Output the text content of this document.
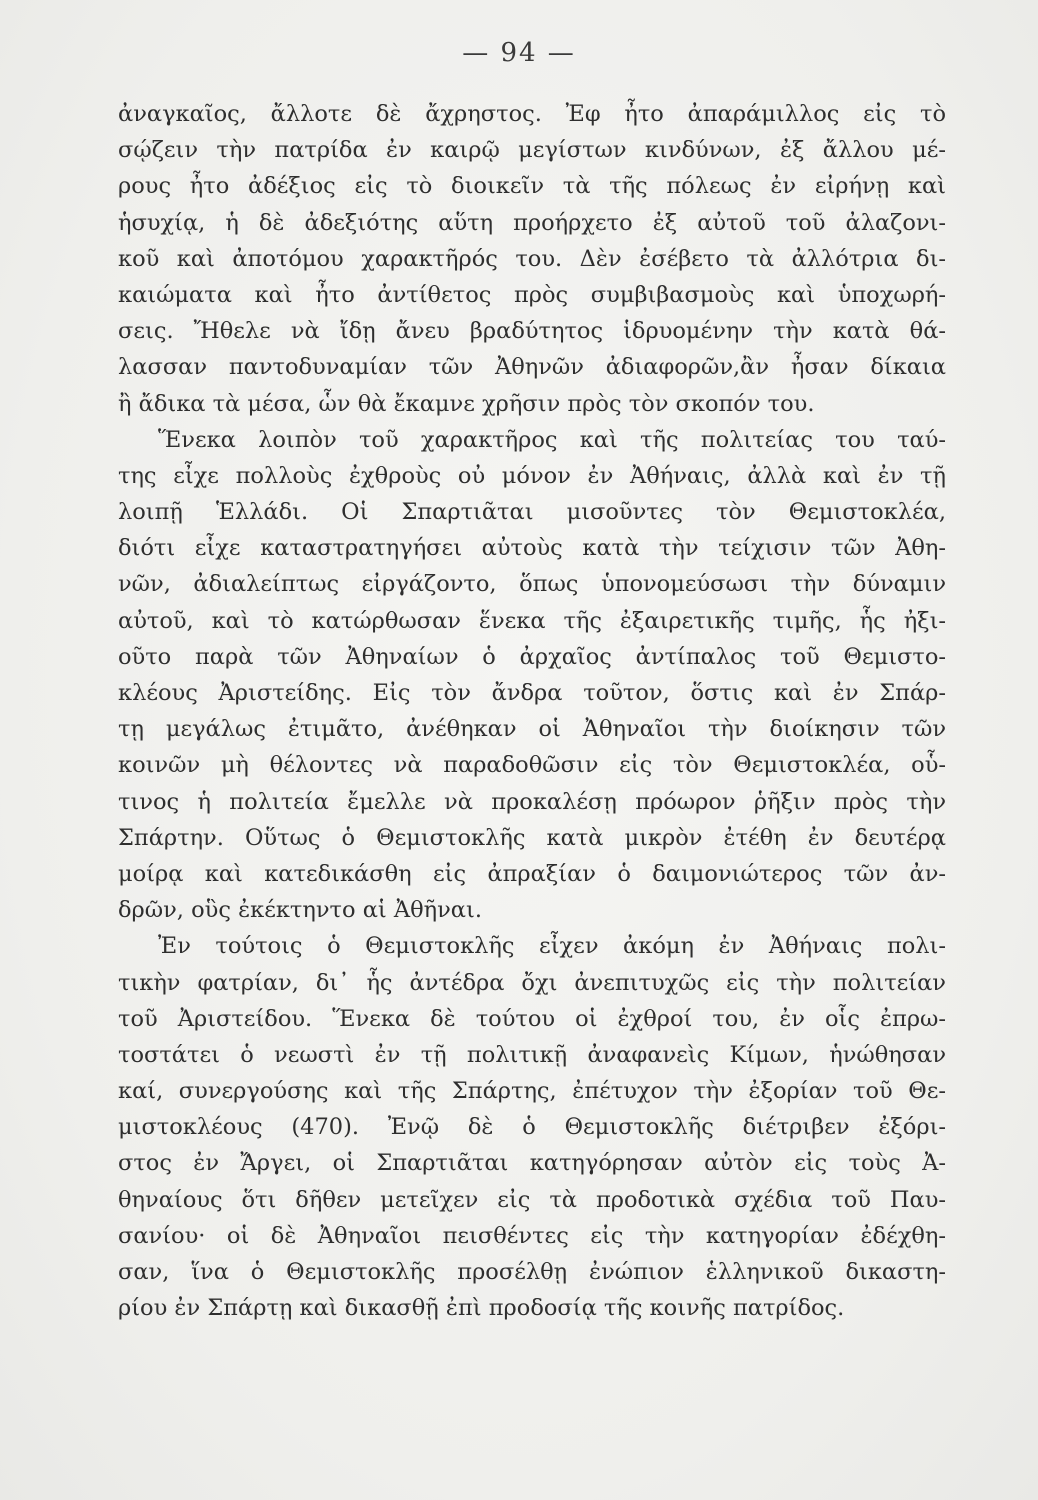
— 94 —
ἀναγκαῖος, ἄλλοτε δὲ ἄχρηστος. Ἐφ ἦτο ἀπαράμιλλος εἰς τὸ
σῴζειν τὴν πατρίδα ἐν καιρῷ μεγίστων κινδύνων, ἐξ ἄλλου μέ-
ρους ἦτο ἀδέξιος εἰς τὸ διοικεῖν τὰ τῆς πόλεως ἐν εἰρήνῃ καὶ
ἡσυχίᾳ, ἡ δὲ ἀδεξιότης αὕτη προήρχετο ἐξ αὐτοῦ τοῦ ἀλαζονι-
κοῦ καὶ ἀποτόμου χαρακτῆρός του. Δὲν ἐσέβετο τὰ ἀλλότρια δι-
καιώματα καὶ ἦτο ἀντίθετος πρὸς συμβιβασμοὺς καὶ ὑποχωρή-
σεις. Ἤθελε νὰ ἴδῃ ἄνευ βραδύτητος ἱδρυομένην τὴν κατὰ θά-
λασσαν παντοδυναμίαν τῶν Ἀθηνῶν ἀδιαφορῶν,ἂν ἦσαν δίκαια
ἢ ἄδικα τὰ μέσα, ὧν θὰ ἔκαμνε χρῆσιν πρὸς τὸν σκοπόν του.
Ἕνεκα λοιπὸν τοῦ χαρακτῆρος καὶ τῆς πολιτείας του ταύ-
της εἶχε πολλοὺς ἐχθροὺς οὐ μόνον ἐν Ἀθήναις, ἀλλὰ καὶ ἐν τῇ
λοιπῇ Ἑλλάδι. Οἱ Σπαρτιᾶται μισοῦντες τὸν Θεμιστοκλέα,
διότι εἶχε καταστρατηγήσει αὐτοὺς κατὰ τὴν τείχισιν τῶν Ἀθη-
νῶν, ἀδιαλείπτως εἰργάζοντο, ὅπως ὑπονομεύσωσι τὴν δύναμιν
αὐτοῦ, καὶ τὸ κατώρθωσαν ἕνεκα τῆς ἐξαιρετικῆς τιμῆς, ἧς ἠξι-
οῦτο παρὰ τῶν Ἀθηναίων ὁ ἀρχαῖος ἀντίπαλος τοῦ Θεμιστο-
κλέους Ἀριστείδης. Εἰς τὸν ἄνδρα τοῦτον, ὅστις καὶ ἐν Σπάρ-
τῃ μεγάλως ἐτιμᾶτο, ἀνέθηκαν οἱ Ἀθηναῖοι τὴν διοίκησιν τῶν
κοινῶν μὴ θέλοντες νὰ παραδοθῶσιν εἰς τὸν Θεμιστοκλέα, οὗ-
τινος ἡ πολιτεία ἔμελλε νὰ προκαλέσῃ πρόωρον ῥῆξιν πρὸς τὴν
Σπάρτην. Οὕτως ὁ Θεμιστοκλῆς κατὰ μικρὸν ἐτέθη ἐν δευτέρᾳ
μοίρᾳ καὶ κατεδικάσθη εἰς ἀπραξίαν ὁ δαιμονιώτερος τῶν ἀν-
δρῶν, οὓς ἐκέκτηντο αἱ Ἀθῆναι.
Ἐν τούτοις ὁ Θεμιστοκλῆς εἶχεν ἀκόμη ἐν Ἀθήναις πολι-
τικὴν φατρίαν, δι᾿ ἧς ἀντέδρα ὄχι ἀνεπιτυχῶς εἰς τὴν πολιτείαν
τοῦ Ἀριστείδου. Ἕνεκα δὲ τούτου οἱ ἐχθροί του, ἐν οἷς ἐπρω-
τοστάτει ὁ νεωστὶ ἐν τῇ πολιτικῇ ἀναφανεὶς Κίμων, ἡνώθησαν
καί, συνεργούσης καὶ τῆς Σπάρτης, ἐπέτυχον τὴν ἐξορίαν τοῦ Θε-
μιστοκλέους (470). Ἐνῷ δὲ ὁ Θεμιστοκλῆς διέτριβεν ἐξόρι-
στος ἐν Ἄργει, οἱ Σπαρτιᾶται κατηγόρησαν αὐτὸν εἰς τοὺς Ἀ-
θηναίους ὅτι δῆθεν μετεῖχεν εἰς τὰ προδοτικὰ σχέδια τοῦ Παυ-
σανίου· οἱ δὲ Ἀθηναῖοι πεισθέντες εἰς τὴν κατηγορίαν ἐδέχθη-
σαν, ἵνα ὁ Θεμιστοκλῆς προσέλθῃ ἐνώπιον ἑλληνικοῦ δικαστη-
ρίου ἐν Σπάρτῃ καὶ δικασθῇ ἐπὶ προδοσίᾳ τῆς κοινῆς πατρίδος.
